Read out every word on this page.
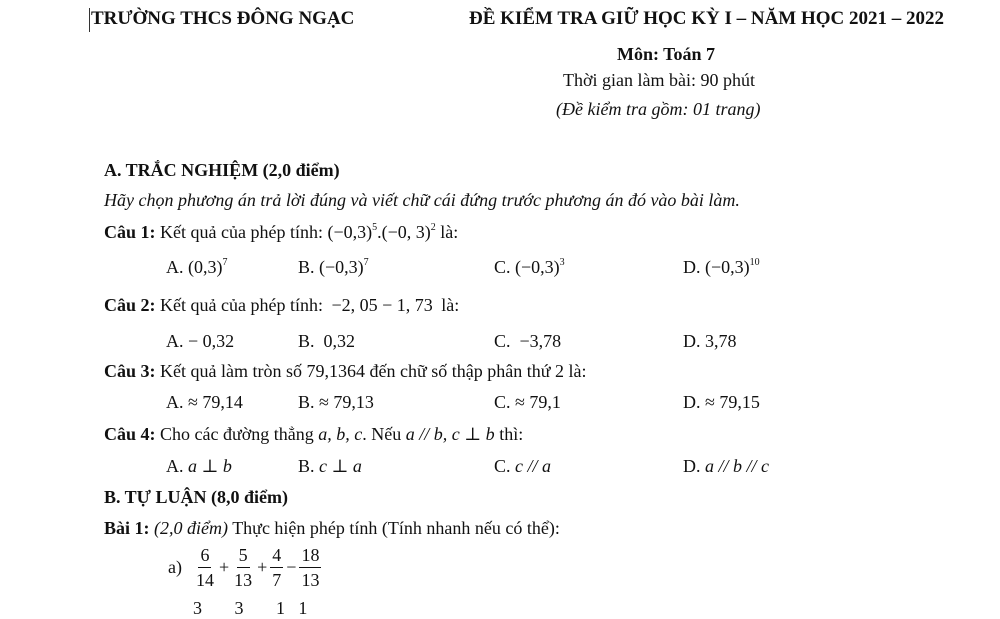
TRƯỜNG THCS ĐÔNG NGẠC	ĐỀ KIỂM TRA GIỮ HỌC KỲ I – NĂM HỌC 2021 – 2022
Môn: Toán 7
Thời gian làm bài: 90 phút
(Đề kiểm tra gồm: 01 trang)
A. TRẮC NGHIỆM (2,0 điểm)
Hãy chọn phương án trả lời đúng và viết chữ cái đứng trước phương án đó vào bài làm.
Câu 1: Kết quả của phép tính: $(-0,3)^5.(-0$, 3)$^2$ là:
A. $(0,3)^7$	B. $(-0,3)^7$	C. $(-0,3)^3$	D. $(-0,3)^{10}$
Câu 2: Kết quả của phép tính: −2, 05 − 1, 73 là:
A. − 0,32	B. 0,32	C. −3,78	D. 3,78
Câu 3: Kết quả làm tròn số 79,1364 đến chữ số thập phân thứ 2 là:
A. ≈ 79,14	B. ≈ 79,13	C. ≈ 79,1	D. ≈ 79,15
Câu 4: Cho các đường thẳng a, b, c. Nếu a // b, c ⊥ b thì:
A. a ⊥ b	B. c ⊥ a	C. c // a	D. a // b // c
B. TỰ LUẬN (8,0 điểm)
Bài 1: (2,0 điểm) Thực hiện phép tính (Tính nhanh nếu có thể):
$a) \frac{6}{14} + \frac{5}{13} + \frac{4}{7} - \frac{18}{13}$
3 3 11
